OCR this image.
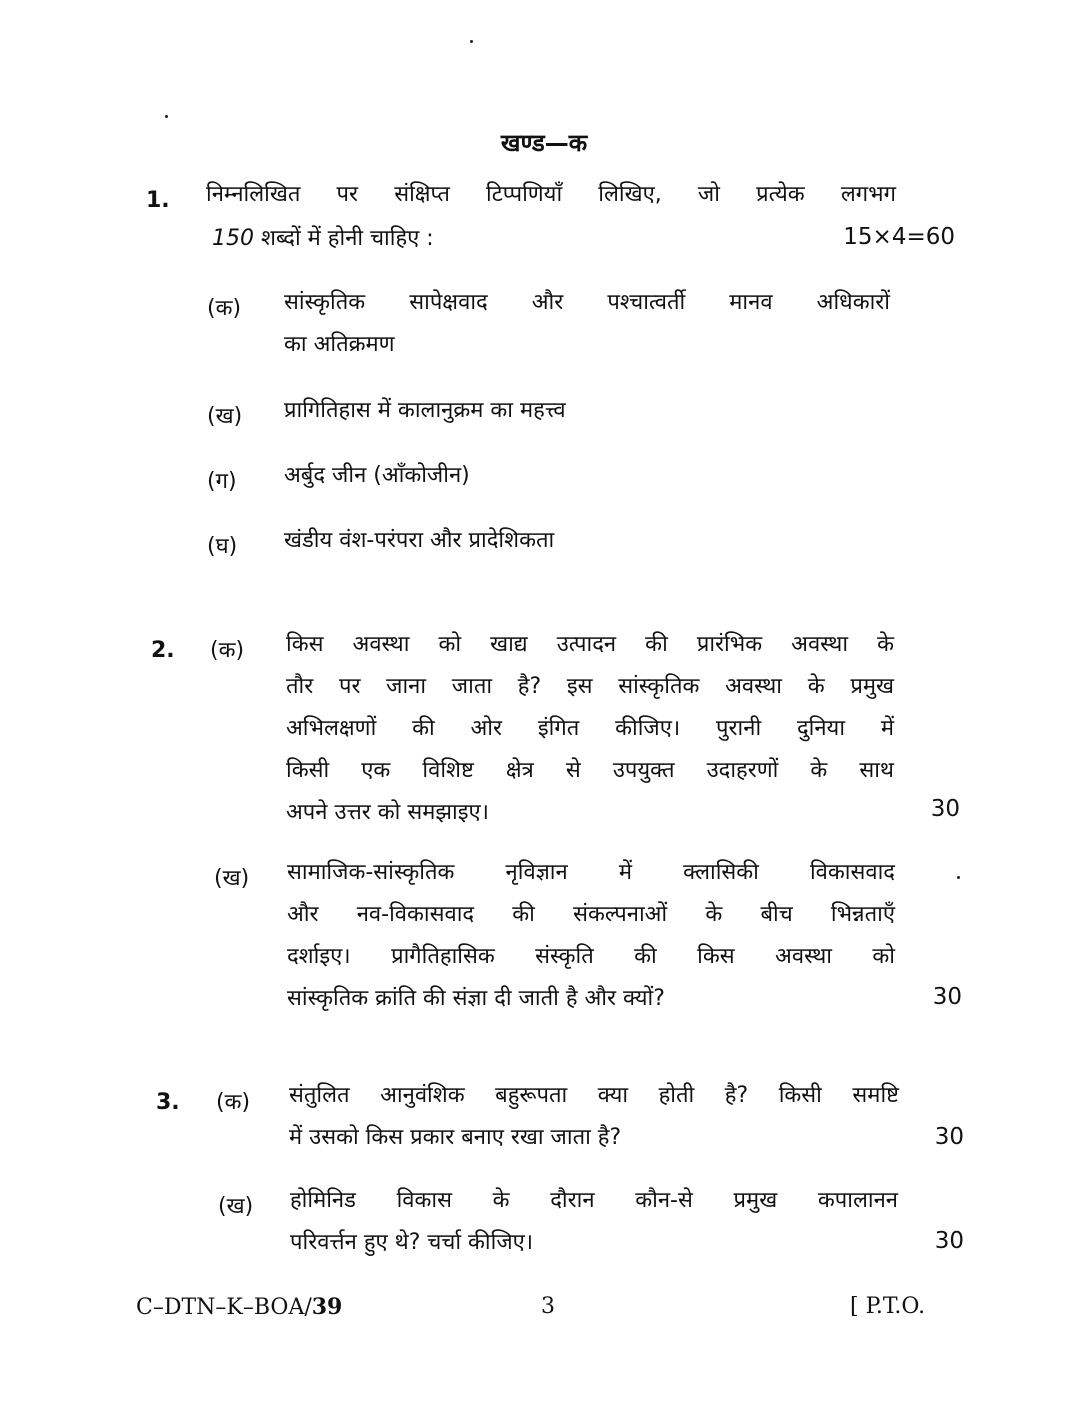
खण्ड—क
1. निम्नलिखित पर संक्षिप्त टिप्पणियाँ लिखिए, जो प्रत्येक लगभग
150 शब्दों में होनी चाहिए :	15×4=60
(क) सांस्कृतिक सापेक्षवाद और पश्चात्वर्ती मानव अधिकारों
का अतिक्रमण
(ख) प्रागितिहास में कालानुक्रम का महत्त्व
(ग) अर्बुद जीन (ऑंकोजीन)
(घ) खंडीय वंश-परंपरा और प्रादेशिकता
2. (क) किस अवस्था को खाद्य उत्पादन की प्रारंभिक अवस्था के
तौर पर जाना जाता है? इस सांस्कृतिक अवस्था के प्रमुख
अभिलक्षणों की ओर इंगित कीजिए। पुरानी दुनिया में
किसी एक विशिष्ट क्षेत्र से उपयुक्त उदाहरणों के साथ
अपने उत्तर को समझाइए।	30
(ख) सामाजिक-सांस्कृतिक नृविज्ञान में क्लासिकी विकासवाद
और नव-विकासवाद की संकल्पनाओं के बीच भिन्नताएँ
दर्शाइए। प्रागैतिहासिक संस्कृति की किस अवस्था को
सांस्कृतिक क्रांति की संज्ञा दी जाती है और क्यों?	30
3. (क) संतुलित आनुवंशिक बहुरूपता क्या होती है? किसी समष्टि
में उसको किस प्रकार बनाए रखा जाता है?	30
(ख) होमिनिड विकास के दौरान कौन-से प्रमुख कपालानन
परिवर्त्तन हुए थे? चर्चा कीजिए।	30
C–DTN–K–BOA/39	3	[ P.T.O.
